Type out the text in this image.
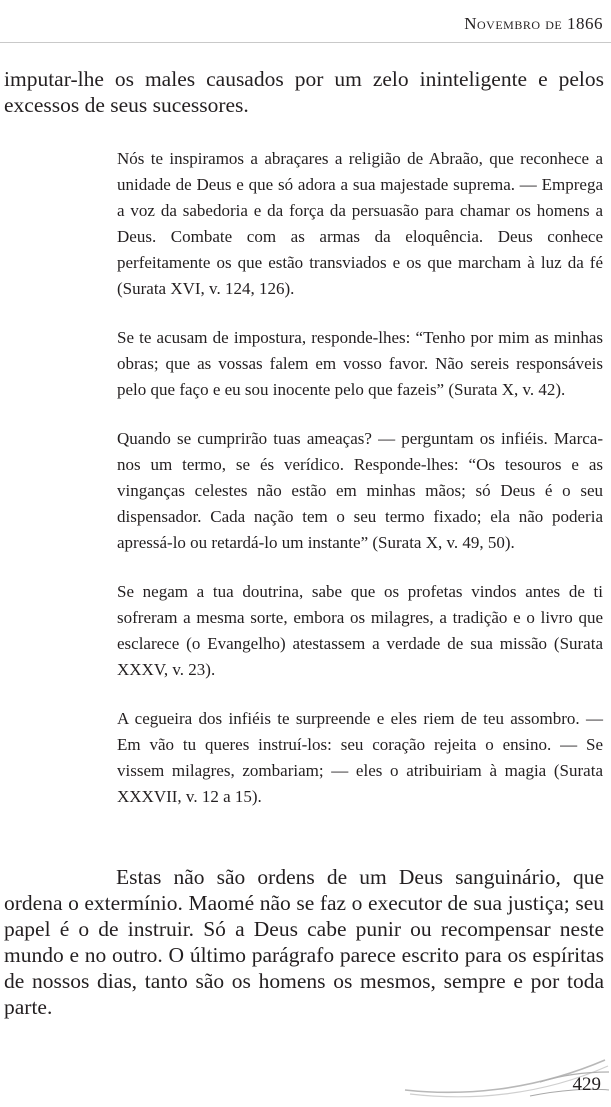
Novembro de 1866

imputar-lhe os males causados por um zelo ininteligente e pelos excessos de seus sucessores.

Nós te inspiramos a abraçares a religião de Abraão, que reconhece a unidade de Deus e que só adora a sua majestade suprema. — Emprega a voz da sabedoria e da força da persuasão para chamar os homens a Deus. Combate com as armas da eloquência. Deus conhece perfeitamente os que estão transviados e os que marcham à luz da fé (Surata XVI, v. 124, 126).

Se te acusam de impostura, responde-lhes: “Tenho por mim as minhas obras; que as vossas falem em vosso favor. Não sereis responsáveis pelo que faço e eu sou inocente pelo que fazeis” (Surata X, v. 42).

Quando se cumprirão tuas ameaças? — perguntam os infiéis. Marca-nos um termo, se és verídico. Responde-lhes: “Os tesouros e as vinganças celestes não estão em minhas mãos; só Deus é o seu dispensador. Cada nação tem o seu termo fixado; ela não poderia apressá-lo ou retardá-lo um instante” (Surata X, v. 49, 50).

Se negam a tua doutrina, sabe que os profetas vindos antes de ti sofreram a mesma sorte, embora os milagres, a tradição e o livro que esclarece (o Evangelho) atestassem a verdade de sua missão (Surata XXXV, v. 23).

A cegueira dos infiéis te surpreende e eles riem de teu assombro. — Em vão tu queres instruí-los: seu coração rejeita o ensino. — Se vissem milagres, zombariam; — eles o atribuiriam à magia (Surata XXXVII, v. 12 a 15).

Estas não são ordens de um Deus sanguinário, que ordena o extermínio. Maomé não se faz o executor de sua justiça; seu papel é o de instruir. Só a Deus cabe punir ou recompensar neste mundo e no outro. O último parágrafo parece escrito para os espíritas de nossos dias, tanto são os homens os mesmos, sempre e por toda parte.

429
